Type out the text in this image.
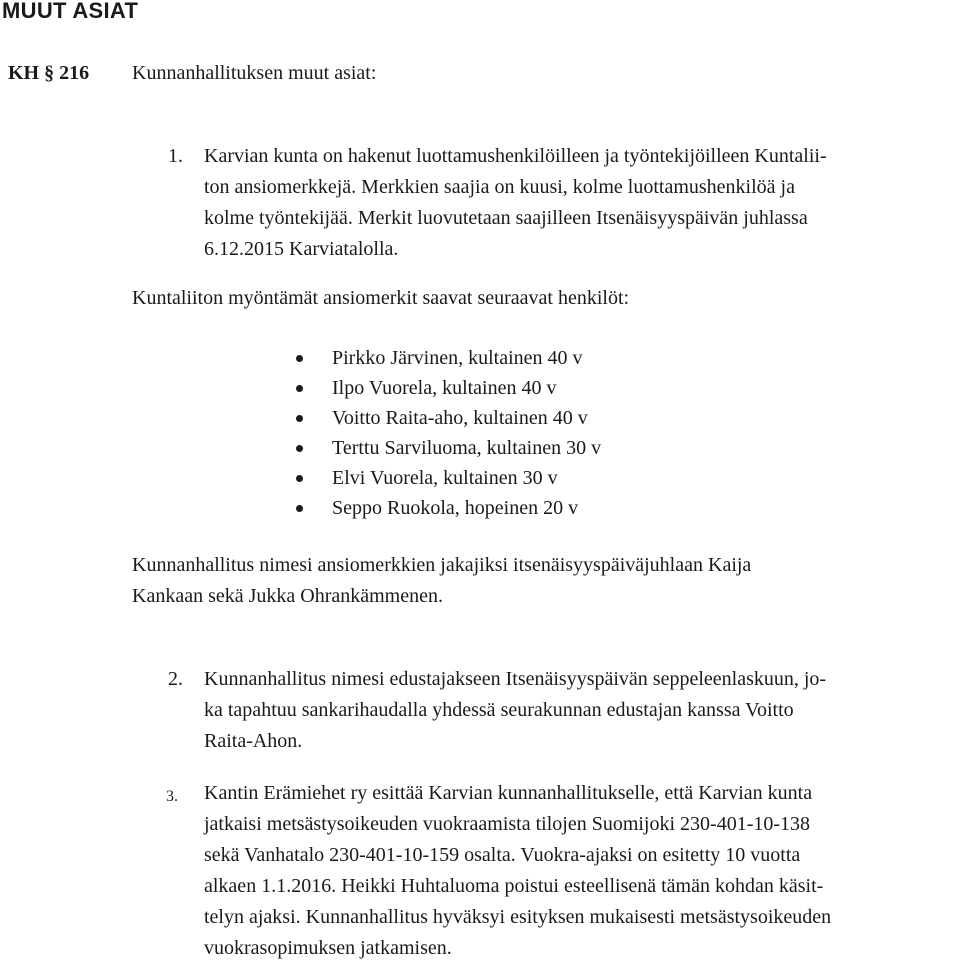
MUUT ASIAT
KH § 216 Kunnanhallituksen muut asiat:
1. Karvian kunta on hakenut luottamushenkilöilleen ja työntekijöilleen Kuntalii-
ton ansiomerkkejä. Merkkien saajia on kuusi, kolme luottamushenkilöä ja
kolme työntekijää. Merkit luovutetaan saajilleen Itsenäisyyspäivän juhlassa
6.12.2015 Karviatalolla.
Kuntaliiton myöntämät ansiomerkit saavat seuraavat henkilöt:
Pirkko Järvinen, kultainen 40 v
Ilpo Vuorela, kultainen 40 v
Voitto Raita-aho, kultainen 40 v
Terttu Sarviluoma, kultainen 30 v
Elvi Vuorela, kultainen 30 v
Seppo Ruokola, hopeinen 20 v
Kunnanhallitus nimesi ansiomerkkien jakajiksi itsenäisyyspäiväjuhlaan Kaija
Kankaan sekä Jukka Ohrankämmenen.
2. Kunnanhallitus nimesi edustajakseen Itsenäisyyspäivän seppeleenlaskuun, jo-
ka tapahtuu sankarihaudalla yhdessä seurakunnan edustajan kanssa Voitto
Raita-Ahon.
3. Kantin Erämiehet ry esittää Karvian kunnanhallitukselle, että Karvian kunta
jatkaisi metsästysoikeuden vuokraamista tilojen Suomijoki 230-401-10-138
sekä Vanhatalo 230-401-10-159 osalta. Vuokra-ajaksi on esitetty 10 vuotta
alkaen 1.1.2016. Heikki Huhtaluoma poistui esteellisenä tämän kohdan käsit-
telyn ajaksi. Kunnanhallitus hyväksyi esityksen mukaisesti metsästysoikeuden
vuokrasopimuksen jatkamisen.
